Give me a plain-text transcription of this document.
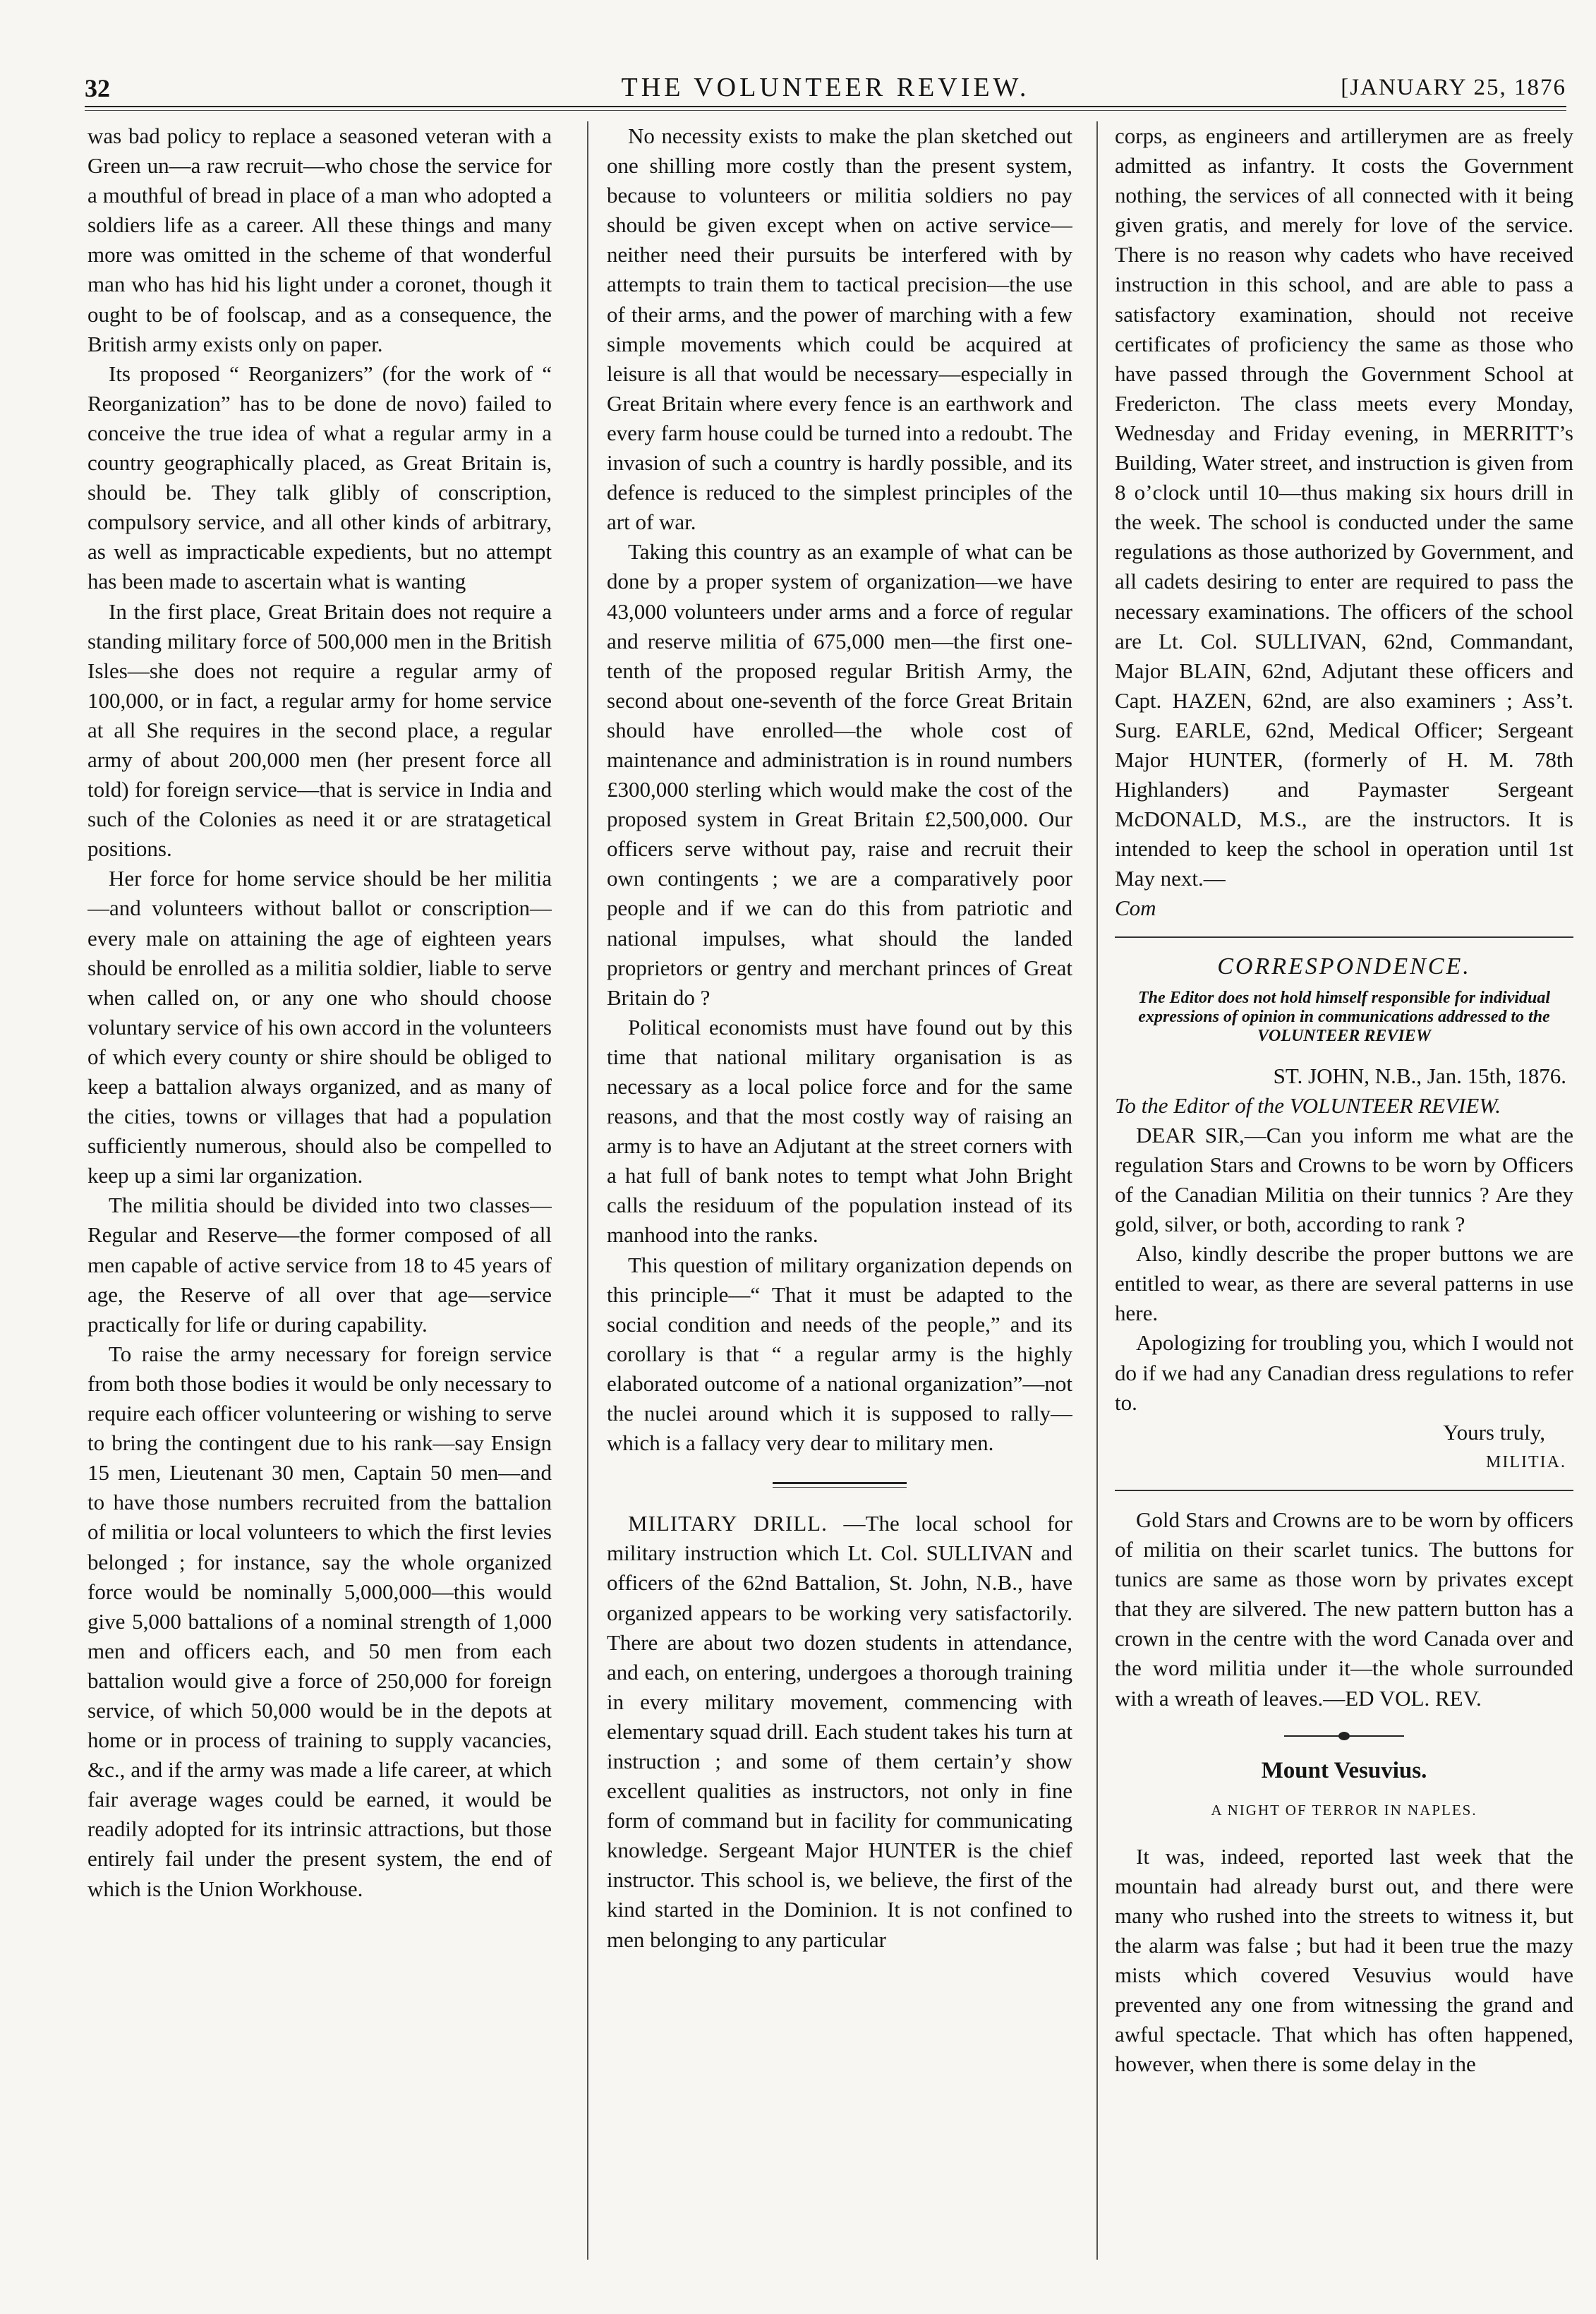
32	THE VOLUNTEER REVIEW.	[JANUARY 25, 1876

was bad policy to replace a seasoned veteran with a Green un—a raw recruit—who chose the service for a mouthful of bread in place of a man who adopted a soldiers life as a career. All these things and many more was omitted in the scheme of that wonderful man who has hid his light under a coronet, though it ought to be of foolscap, and as a consequence, the British army exists only on paper.

Its proposed “ Reorganizers” (for the work of “ Reorganization” has to be done de novo) failed to conceive the true idea of what a regular army in a country geographically placed, as Great Britain is, should be. They talk glibly of conscription, compulsory service, and all other kinds of arbitrary, as well as impracticable expedients, but no attempt has been made to ascertain what is wanting

In the first place, Great Britain does not require a standing military force of 500,000 men in the British Isles—she does not require a regular army of 100,000, or in fact, a regular army for home service at all She requires in the second place, a regular army of about 200,000 men (her present force all told) for foreign service—that is service in India and such of the Colonies as need it or are stratagetical positions.

Her force for home service should be her militia—and volunteers without ballot or conscription—every male on attaining the age of eighteen years should be enrolled as a militia soldier, liable to serve when called on, or any one who should choose voluntary service of his own accord in the volunteers of which every county or shire should be obliged to keep a battalion always organized, and as many of the cities, towns or villages that had a population sufficiently numerous, should also be compelled to keep up a simi lar organization.

The militia should be divided into two classes—Regular and Reserve—the former composed of all men capable of active service from 18 to 45 years of age, the Reserve of all over that age—service practically for life or during capability.

To raise the army necessary for foreign service from both those bodies it would be only necessary to require each officer volunteering or wishing to serve to bring the contingent due to his rank—say Ensign 15 men, Lieutenant 30 men, Captain 50 men—and to have those numbers recruited from the battalion of militia or local volunteers to which the first levies belonged ; for instance, say the whole organized force would be nominally 5,000,000—this would give 5,000 battalions of a nominal strength of 1,000 men and officers each, and 50 men from each battalion would give a force of 250,000 for foreign service, of which 50,000 would be in the depots at home or in process of training to supply vacancies, &c., and if the army was made a life career, at which fair average wages could be earned, it would be readily adopted for its intrinsic attractions, but those entirely fail under the present system, the end of which is the Union Workhouse.

No necessity exists to make the plan sketched out one shilling more costly than the present system, because to volunteers or militia soldiers no pay should be given except when on active service—neither need their pursuits be interfered with by attempts to train them to tactical precision—the use of their arms, and the power of marching with a few simple movements which could be acquired at leisure is all that would be necessary—especially in Great Britain where every fence is an earthwork and every farm house could be turned into a redoubt. The invasion of such a country is hardly possible, and its defence is reduced to the simplest principles of the art of war.

Taking this country as an example of what can be done by a proper system of organization—we have 43,000 volunteers under arms and a force of regular and reserve militia of 675,000 men—the first one-tenth of the proposed regular British Army, the second about one-seventh of the force Great Britain should have enrolled—the whole cost of maintenance and administration is in round numbers £300,000 sterling which would make the cost of the proposed system in Great Britain £2,500,000. Our officers serve without pay, raise and recruit their own contingents ; we are a comparatively poor people and if we can do this from patriotic and national impulses, what should the landed proprietors or gentry and merchant princes of Great Britain do ?

Political economists must have found out by this time that national military organisation is as necessary as a local police force and for the same reasons, and that the most costly way of raising an army is to have an Adjutant at the street corners with a hat full of bank notes to tempt what John Bright calls the residuum of the population instead of its manhood into the ranks.

This question of military organization depends on this principle—“ That it must be adapted to the social condition and needs of the people,” and its corollary is that “ a regular army is the highly elaborated outcome of a national organization”—not the nuclei around which it is supposed to rally—which is a fallacy very dear to military men.

MILITARY DRILL. —The local school for military instruction which Lt. Col. SULLIVAN and officers of the 62nd Battalion, St. John, N.B., have organized appears to be working very satisfactorily. There are about two dozen students in attendance, and each, on entering, undergoes a thorough training in every military movement, commencing with elementary squad drill. Each student takes his turn at instruction ; and some of them certain’y show excellent qualities as instructors, not only in fine form of command but in facility for communicating knowledge. Sergeant Major HUNTER is the chief instructor. This school is, we believe, the first of the kind started in the Dominion. It is not confined to men belonging to any particular

corps, as engineers and artillerymen are as freely admitted as infantry. It costs the Government nothing, the services of all connected with it being given gratis, and merely for love of the service. There is no reason why cadets who have received instruction in this school, and are able to pass a satisfactory examination, should not receive certificates of proficiency the same as those who have passed through the Government School at Fredericton. The class meets every Monday, Wednesday and Friday evening, in MERRITT’s Building, Water street, and instruction is given from 8 o’clock until 10—thus making six hours drill in the week. The school is conducted under the same regulations as those authorized by Government, and all cadets desiring to enter are required to pass the necessary examinations. The officers of the school are Lt. Col. SULLIVAN, 62nd, Commandant, Major BLAIN, 62nd, Adjutant these officers and Capt. HAZEN, 62nd, are also examiners ; Ass’t. Surg. EARLE, 62nd, Medical Officer; Sergeant Major HUNTER, (formerly of H. M. 78th Highlanders) and Paymaster Sergeant McDONALD, M.S., are the instructors. It is intended to keep the school in operation until 1st May next.—

Com

CORRESPONDENCE.
The Editor does not hold himself responsible for individual expressions of opinion in communications addressed to the VOLUNTEER REVIEW

ST. JOHN, N.B., Jan. 15th, 1876.

To the Editor of the VOLUNTEER REVIEW.

DEAR SIR,—Can you inform me what are the regulation Stars and Crowns to be worn by Officers of the Canadian Militia on their tunnics ? Are they gold, silver, or both, according to rank ?

Also, kindly describe the proper buttons we are entitled to wear, as there are several patterns in use here.

Apologizing for troubling you, which I would not do if we had any Canadian dress regulations to refer to.

Yours truly,

MILITIA.

Gold Stars and Crowns are to be worn by officers of militia on their scarlet tunics. The buttons for tunics are same as those worn by privates except that they are silvered. The new pattern button has a crown in the centre with the word Canada over and the word militia under it—the whole surrounded with a wreath of leaves.—ED VOL. REV.

Mount Vesuvius.
A NIGHT OF TERROR IN NAPLES.

It was, indeed, reported last week that the mountain had already burst out, and there were many who rushed into the streets to witness it, but the alarm was false ; but had it been true the mazy mists which covered Vesuvius would have prevented any one from witnessing the grand and awful spectacle. That which has often happened, however, when there is some delay in the
